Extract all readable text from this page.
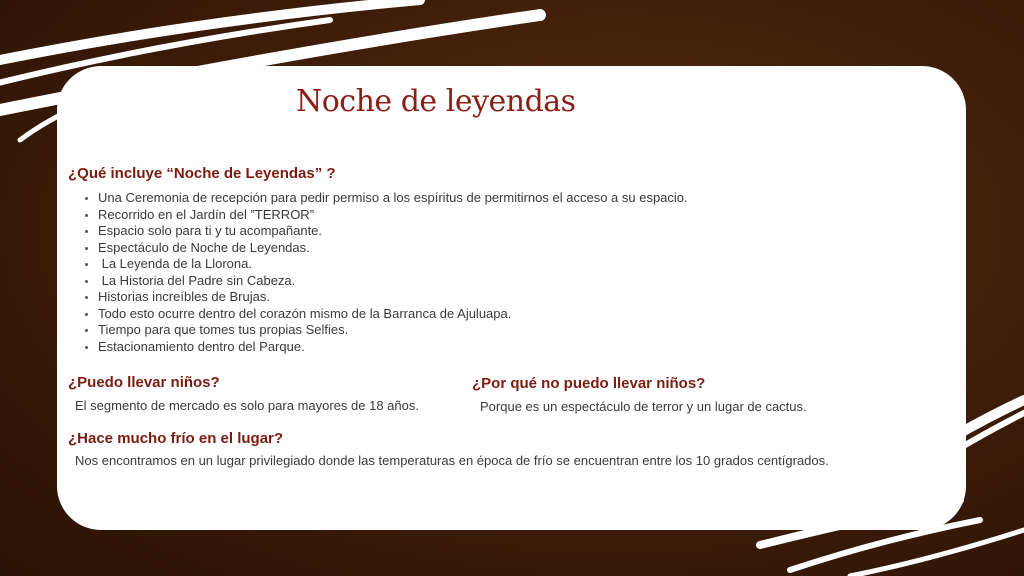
Noche de leyendas
¿Qué incluye “Noche de Leyendas” ?
• Una Ceremonia de recepción para pedir permiso a los espíritus de permitirnos el acceso a su espacio.
• Recorrido en el Jardín del ”TERROR”
• Espacio solo para ti y tu acompañante.
• Espectáculo de Noche de Leyendas.
•  La Leyenda de la Llorona.
•  La Historia del Padre sin Cabeza.
• Historias increíbles de Brujas.
• Todo esto ocurre dentro del corazón mismo de la Barranca de Ajuluapa.
• Tiempo para que tomes tus propias Selfies.
• Estacionamiento dentro del Parque.
¿Puedo llevar niños?

El segmento de mercado es solo para mayores de 18 años.

¿Por qué no puedo llevar niños?

Porque es un espectáculo de terror y un lugar de cactus.

¿Hace mucho frío en el lugar?

Nos encontramos en un lugar privilegiado donde las temperaturas en época de frío se encuentran entre los 10 grados centígrados.
